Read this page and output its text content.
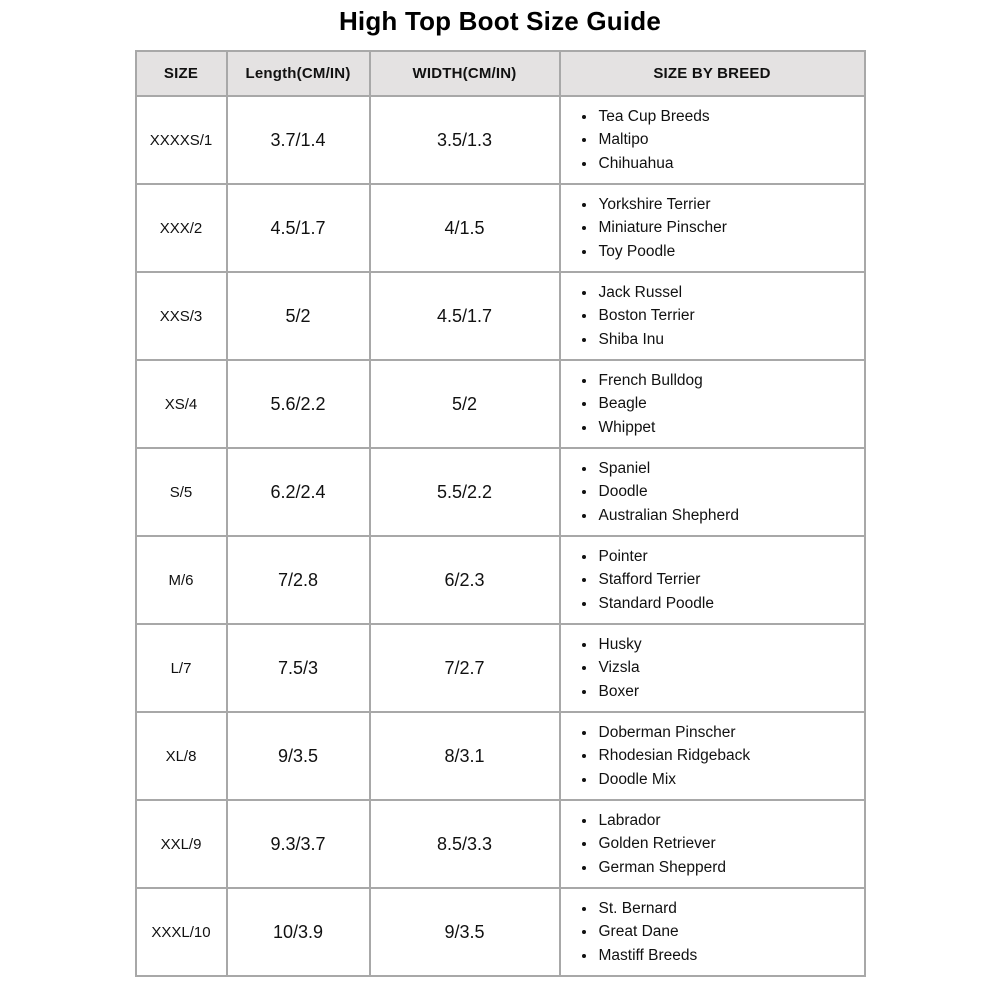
High Top Boot Size Guide
SIZE	Length(CM/IN)	WIDTH(CM/IN)	SIZE BY BREED
XXXXS/1	3.7/1.4	3.5/1.3	
• Tea Cup Breeds
• Maltipo
• Chihuahua

XXX/2	4.5/1.7	4/1.5	
• Yorkshire Terrier
• Miniature Pinscher
• Toy Poodle

XXS/3	5/2	4.5/1.7	
• Jack Russel
• Boston Terrier
• Shiba Inu

XS/4	5.6/2.2	5/2	
• French Bulldog
• Beagle
• Whippet

S/5	6.2/2.4	5.5/2.2	
• Spaniel
• Doodle
• Australian Shepherd

M/6	7/2.8	6/2.3	
• Pointer
• Stafford Terrier
• Standard Poodle

L/7	7.5/3	7/2.7	
• Husky
• Vizsla
• Boxer

XL/8	9/3.5	8/3.1	
• Doberman Pinscher
• Rhodesian Ridgeback
• Doodle Mix

XXL/9	9.3/3.7	8.5/3.3	
• Labrador
• Golden Retriever
• German Shepperd

XXXL/10	10/3.9	9/3.5	
• St. Bernard
• Great Dane
• Mastiff Breeds
